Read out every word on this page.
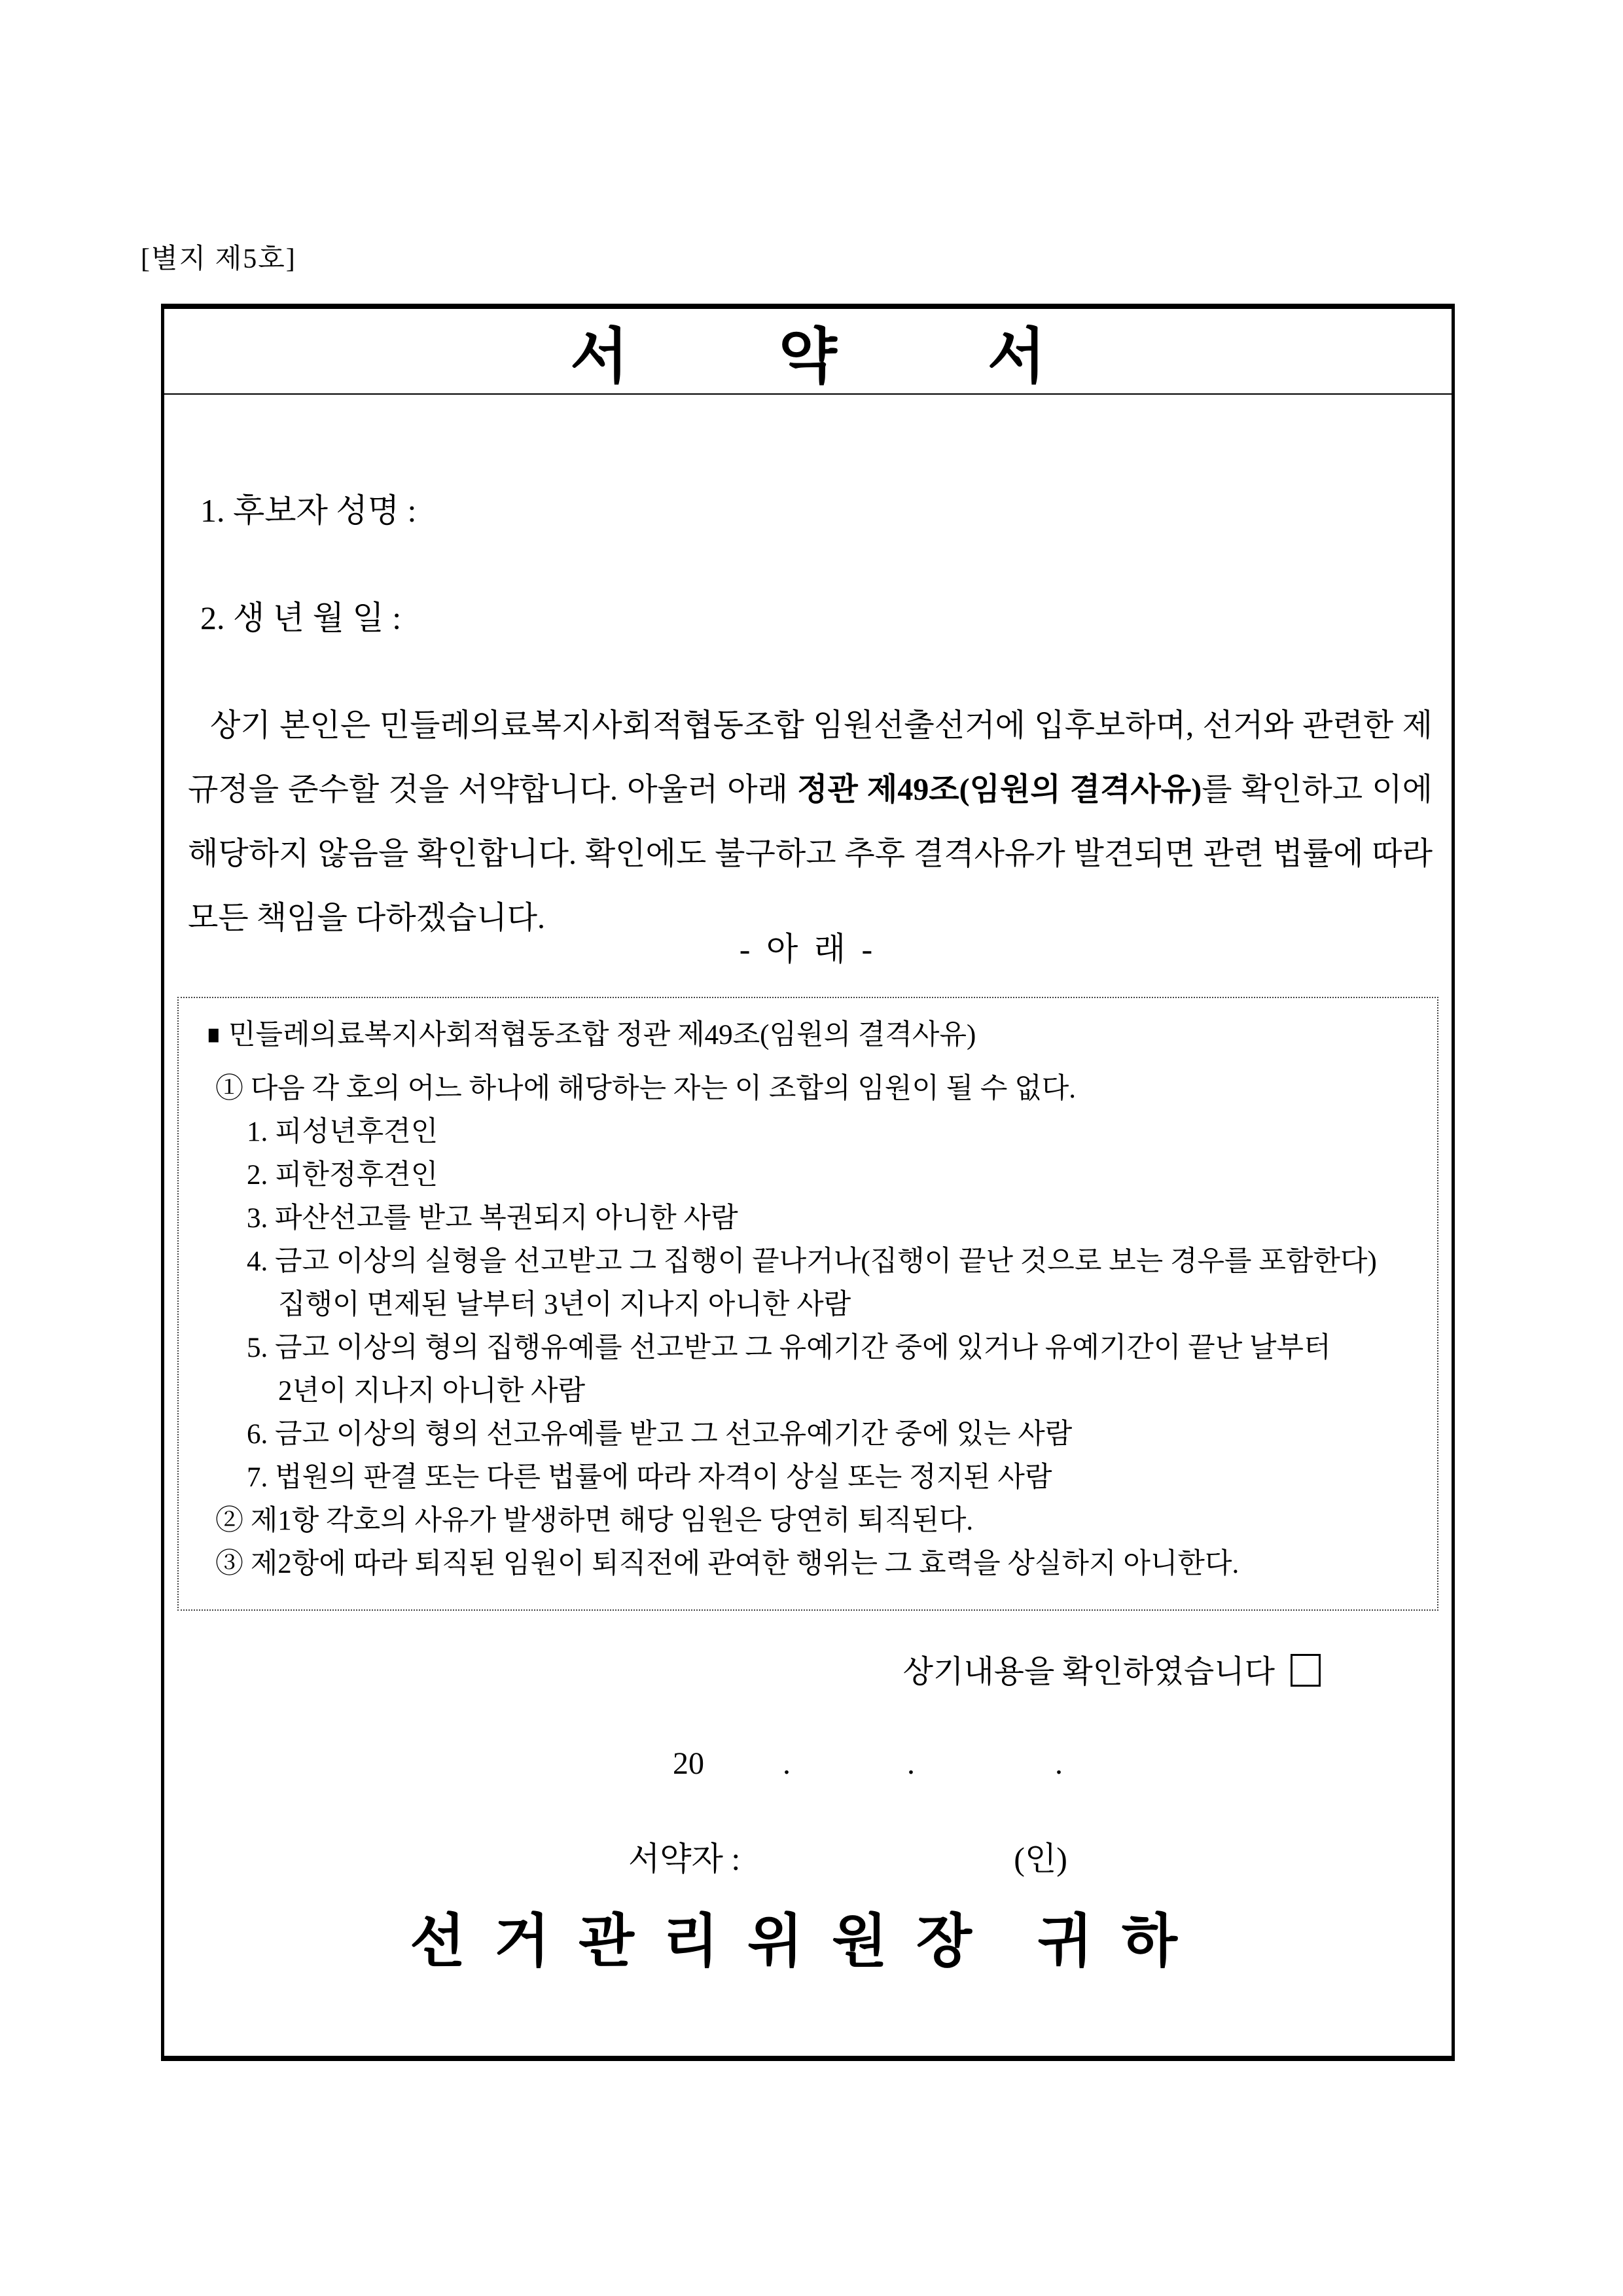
[별지 제5호]
서약서
1. 후보자 성명 :
2. 생 년 월 일 :
상기 본인은 민들레의료복지사회적협동조합 임원선출선거에 입후보하며, 선거와 관련한 제규정을 준수할 것을 서약합니다. 아울러 아래 정관 제49조(임원의 결격사유)를 확인하고 이에 해당하지 않음을 확인합니다. 확인에도 불구하고 추후 결격사유가 발견되면 관련 법률에 따라 모든 책임을 다하겠습니다.
- 아 래 -
■ 민들레의료복지사회적협동조합 정관 제49조(임원의 결격사유)
① 다음 각 호의 어느 하나에 해당하는 자는 이 조합의 임원이 될 수 없다.
1. 피성년후견인
2. 피한정후견인
3. 파산선고를 받고 복권되지 아니한 사람
4. 금고 이상의 실형을 선고받고 그 집행이 끝나거나(집행이 끝난 것으로 보는 경우를 포함한다)
집행이 면제된 날부터 3년이 지나지 아니한 사람
5. 금고 이상의 형의 집행유예를 선고받고 그 유예기간 중에 있거나 유예기간이 끝난 날부터
2년이 지나지 아니한 사람
6. 금고 이상의 형의 선고유예를 받고 그 선고유예기간 중에 있는 사람
7. 법원의 판결 또는 다른 법률에 따라 자격이 상실 또는 정지된 사람
② 제1항 각호의 사유가 발생하면 해당 임원은 당연히 퇴직된다.
③ 제2항에 따라 퇴직된 임원이 퇴직전에 관여한 행위는 그 효력을 상실하지 아니한다.
상기내용을 확인하였습니다

20	.	.	.

서약자 :	(인)

선거관리위원장 귀하
